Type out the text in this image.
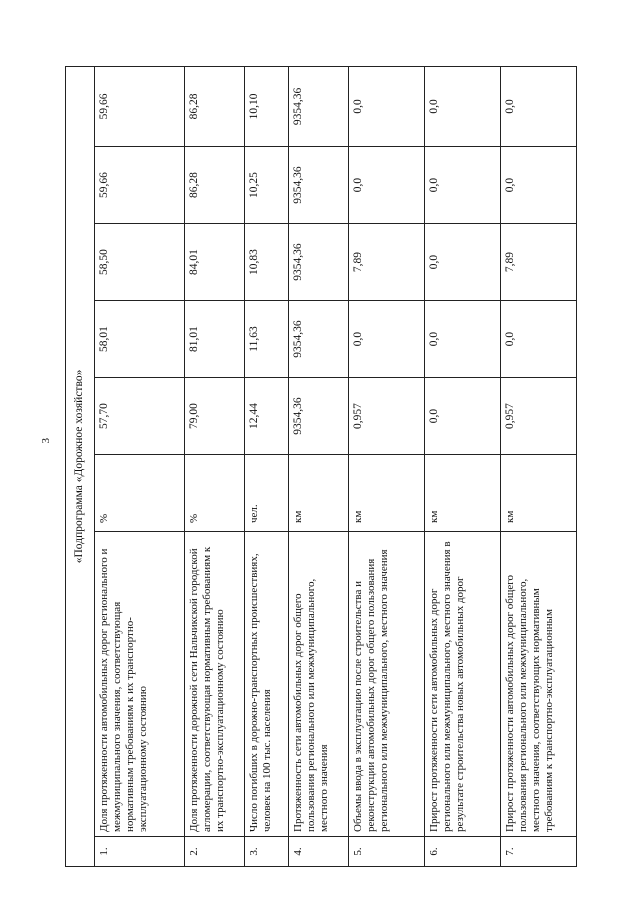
3 «Подпрограмма «Дорожное хозяйство»							
1.	Доля протяженности автомобильных дорог регионального и межмуниципального значения, соответствующая нормативным требованиям к их транспортно-эксплуатационному состоянию	%	57,70	58,01	58,50	59,66	59,66
2.	Доля протяженности дорожной сети Нальчикской городской агломерации, соответствующая нормативным требованиям к их транспортно-эксплуатационному состоянию	%	79,00	81,01	84,01	86,28	86,28
3.	Число погибших в дорожно-транспортных происшествиях, человек на 100 тыс. населения	чел.	12,44	11,63	10,83	10,25	10,10
4.	Протяженность сети автомобильных дорог общего пользования регионального или межмуниципального, местного значения	км	9354,36	9354,36	9354,36	9354,36	9354,36
5.	Объемы ввода в эксплуатацию после строительства и реконструкции автомобильных дорог общего пользования регионального или межмуниципального, местного значения	км	0,957	0,0	7,89	0,0	0,0
6.	Прирост протяженности сети автомобильных дорог регионального или межмуниципального, местного значения в результате строительства новых автомобильных дорог	км	0,0	0,0	0,0	0,0	0,0
7.	Прирост протяженности автомобильных дорог общего пользования регионального или межмуниципального, местного значения, соответствующих нормативным требованиям к транспортно-эксплуатационным	км	0,957	0,0	7,89	0,0	0,0
